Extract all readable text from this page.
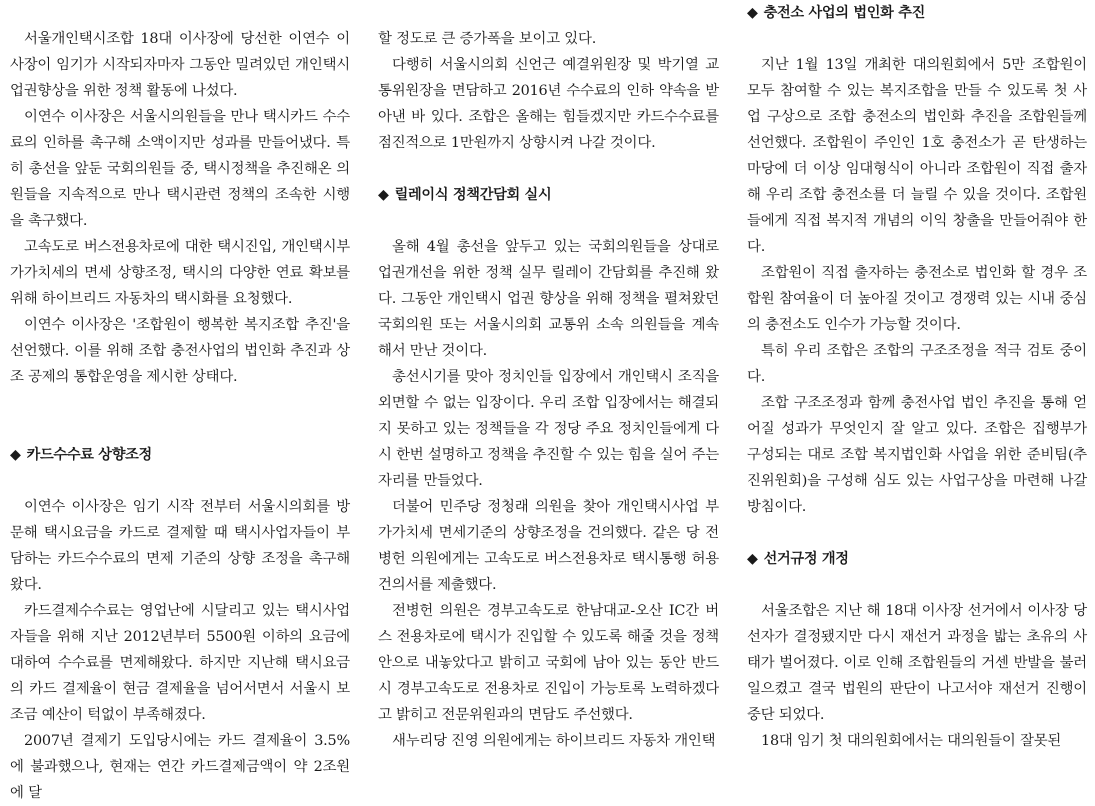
서울개인택시조합 18대 이사장에 당선한 이연수 이사장이 임기가 시작되자마자 그동안 밀려있던 개인택시 업권향상을 위한 정책 활동에 나섰다.

이연수 이사장은 서울시의원들을 만나 택시카드 수수료의 인하를 촉구해 소액이지만 성과를 만들어냈다. 특히 총선을 앞둔 국회의원들 중, 택시정책을 추진해온 의원들을 지속적으로 만나 택시관련 정책의 조속한 시행을 촉구했다.

고속도로 버스전용차로에 대한 택시진입, 개인택시부가가치세의 면세 상향조정, 택시의 다양한 연료 확보를 위해 하이브리드 자동차의 택시화를 요청했다.

이연수 이사장은 '조합원이 행복한 복지조합 추진'을 선언했다. 이를 위해 조합 충전사업의 법인화 추진과 상조 공제의 통합운영을 제시한 상태다.

◆ 카드수수료 상향조정

이연수 이사장은 임기 시작 전부터 서울시의회를 방문해 택시요금을 카드로 결제할 때 택시사업자들이 부담하는 카드수수료의 면제 기준의 상향 조정을 촉구해 왔다.

카드결제수수료는 영업난에 시달리고 있는 택시사업자들을 위해 지난 2012년부터 5500원 이하의 요금에 대하여 수수료를 면제해왔다. 하지만 지난해 택시요금의 카드 결제율이 현금 결제율을 넘어서면서 서울시 보조금 예산이 턱없이 부족해졌다.

2007년 결제기 도입당시에는 카드 결제율이 3.5%에 불과했으나, 현재는 연간 카드결제금액이 약 2조원에 달

할 정도로 큰 증가폭을 보이고 있다.

다행히 서울시의회 신언근 예결위원장 및 박기열 교통위원장을 면담하고 2016년 수수료의 인하 약속을 받아낸 바 있다. 조합은 올해는 힘들겠지만 카드수수료를 점진적으로 1만원까지 상향시켜 나갈 것이다.

◆ 릴레이식 정책간담회 실시

올해 4월 총선을 앞두고 있는 국회의원들을 상대로 업권개선을 위한 정책 실무 릴레이 간담회를 추진해 왔다. 그동안 개인택시 업권 향상을 위해 정책을 펼쳐왔던 국회의원 또는 서울시의회 교통위 소속 의원들을 계속해서 만난 것이다.

총선시기를 맞아 정치인들 입장에서 개인택시 조직을 외면할 수 없는 입장이다. 우리 조합 입장에서는 해결되지 못하고 있는 정책들을 각 정당 주요 정치인들에게 다시 한번 설명하고 정책을 추진할 수 있는 힘을 실어 주는 자리를 만들었다.

더불어 민주당 정청래 의원을 찾아 개인택시사업 부가가치세 면세기준의 상향조정을 건의했다. 같은 당 전병헌 의원에게는 고속도로 버스전용차로 택시통행 허용 건의서를 제출했다.

전병헌 의원은 경부고속도로 한남대교-오산 IC간 버스 전용차로에 택시가 진입할 수 있도록 해줄 것을 정책안으로 내놓았다고 밝히고 국회에 남아 있는 동안 반드시 경부고속도로 전용차로 진입이 가능토록 노력하겠다고 밝히고 전문위원과의 면담도 주선했다.

새누리당 진영 의원에게는 하이브리드 자동차 개인택

◆ 충전소 사업의 법인화 추진

지난 1월 13일 개최한 대의원회에서 5만 조합원이 모두 참여할 수 있는 복지조합을 만들 수 있도록 첫 사업 구상으로 조합 충전소의 법인화 추진을 조합원들께 선언했다. 조합원이 주인인 1호 충전소가 곧 탄생하는 마당에 더 이상 임대형식이 아니라 조합원이 직접 출자해 우리 조합 충전소를 더 늘릴 수 있을 것이다. 조합원들에게 직접 복지적 개념의 이익 창출을 만들어줘야 한다.

조합원이 직접 출자하는 충전소로 법인화 할 경우 조합원 참여율이 더 높아질 것이고 경쟁력 있는 시내 중심의 충전소도 인수가 가능할 것이다.

특히 우리 조합은 조합의 구조조정을 적극 검토 중이다.

조합 구조조정과 함께 충전사업 법인 추진을 통해 얻어질 성과가 무엇인지 잘 알고 있다. 조합은 집행부가 구성되는 대로 조합 복지법인화 사업을 위한 준비팀(추진위원회)을 구성해 심도 있는 사업구상을 마련해 나갈 방침이다.

◆ 선거규정 개정

서울조합은 지난 해 18대 이사장 선거에서 이사장 당선자가 결정됐지만 다시 재선거 과정을 밟는 초유의 사태가 벌어졌다. 이로 인해 조합원들의 거센 반발을 불러일으켰고 결국 법원의 판단이 나고서야 재선거 진행이 중단 되었다.

18대 임기 첫 대의원회에서는 대의원들이 잘못된
